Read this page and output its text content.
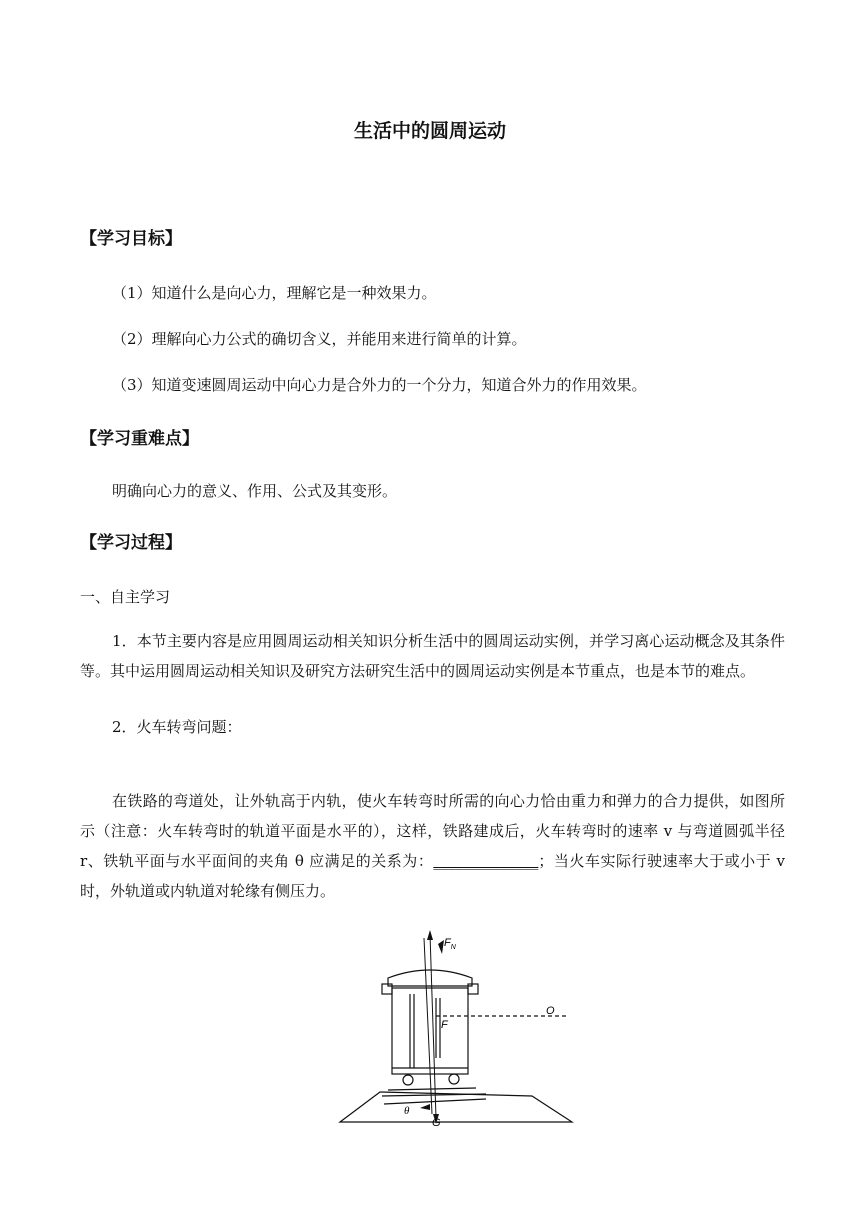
生活中的圆周运动
【学习目标】
（1）知道什么是向心力，理解它是一种效果力。
（2）理解向心力公式的确切含义，并能用来进行简单的计算。
（3）知道变速圆周运动中向心力是合外力的一个分力，知道合外力的作用效果。
【学习重难点】
明确向心力的意义、作用、公式及其变形。
【学习过程】
一、自主学习
1．本节主要内容是应用圆周运动相关知识分析生活中的圆周运动实例，并学习离心运动概念及其条件等。其中运用圆周运动相关知识及研究方法研究生活中的圆周运动实例是本节重点，也是本节的难点。
2．火车转弯问题：
在铁路的弯道处，让外轨高于内轨，使火车转弯时所需的向心力恰由重力和弹力的合力提供，如图所示（注意：火车转弯时的轨道平面是水平的），这样，铁路建成后，火车转弯时的速率 v 与弯道圆弧半径 r、铁轨平面与水平面间的夹角 θ 应满足的关系为：______________；当火车实际行驶速率大于或小于 v 时，外轨道或内轨道对轮缘有侧压力。
$F_N$
F
O
G
θ
